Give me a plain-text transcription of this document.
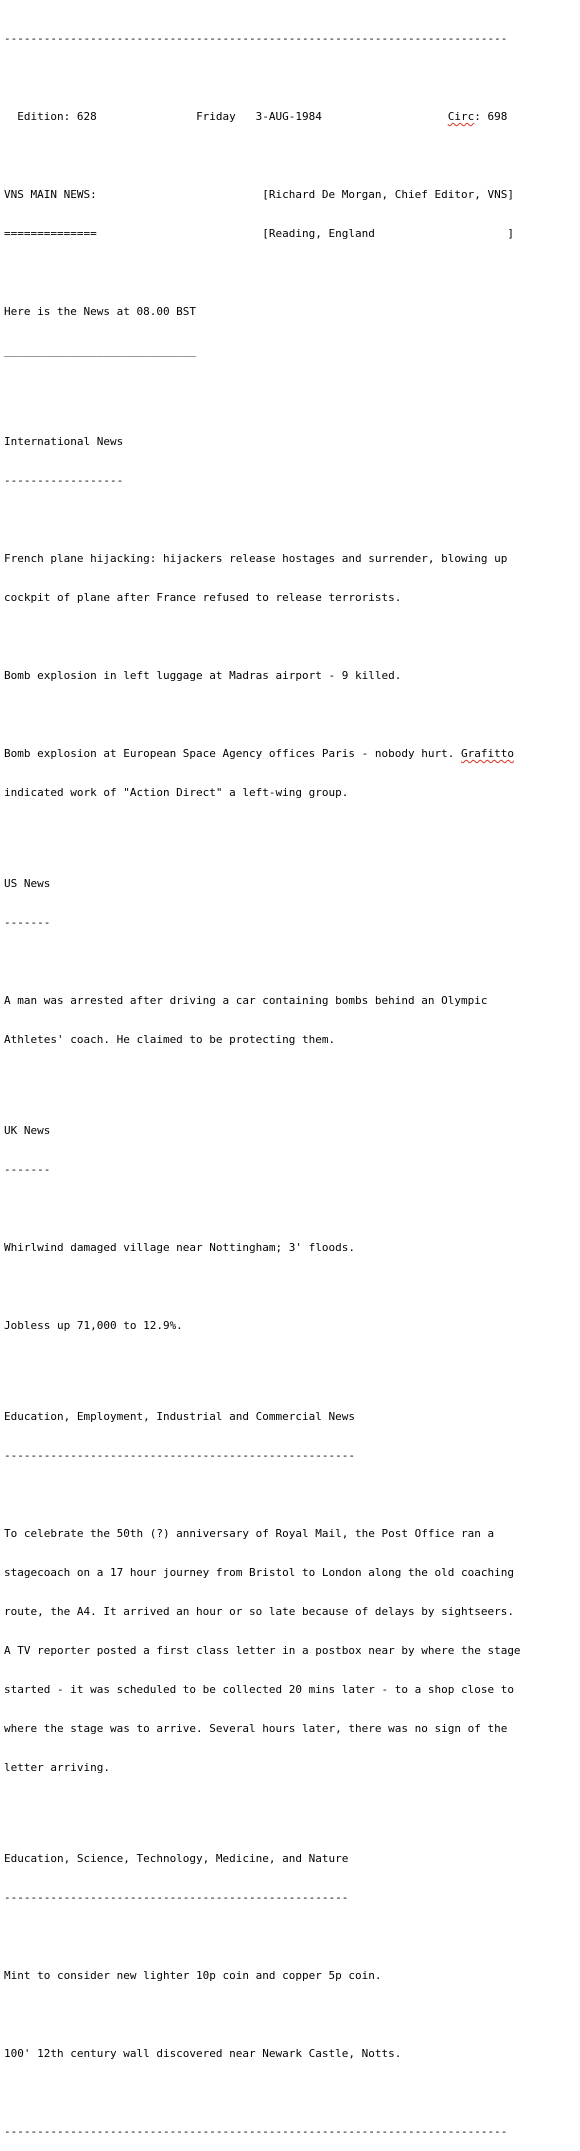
----------------------------------------------------------------------------

Edition: 628	Friday   3-AUG-1984	Circ: 698

VNS MAIN NEWS:	[Richard De Morgan, Chief Editor, VNS]

==============	[Reading, England                    ]

Here is the News at 08.00 BST

_____________________________

International News

------------------

French plane hijacking: hijackers release hostages and surrender, blowing up

cockpit of plane after France refused to release terrorists.

Bomb explosion in left luggage at Madras airport - 9 killed.

Bomb explosion at European Space Agency offices Paris - nobody hurt. Grafitto

indicated work of "Action Direct" a left-wing group.

US News

-------

A man was arrested after driving a car containing bombs behind an Olympic

Athletes' coach. He claimed to be protecting them.

UK News

-------

Whirlwind damaged village near Nottingham; 3' floods.

Jobless up 71,000 to 12.9%.

Education, Employment, Industrial and Commercial News

-----------------------------------------------------

To celebrate the 50th (?) anniversary of Royal Mail, the Post Office ran a

stagecoach on a 17 hour journey from Bristol to London along the old coaching

route, the A4. It arrived an hour or so late because of delays by sightseers.

A TV reporter posted a first class letter in a postbox near by where the stage

started - it was scheduled to be collected 20 mins later - to a shop close to

where the stage was to arrive. Several hours later, there was no sign of the

letter arriving.

Education, Science, Technology, Medicine, and Nature

----------------------------------------------------

Mint to consider new lighter 10p coin and copper 5p coin.

100' 12th century wall discovered near Newark Castle, Notts.

----------------------------------------------------------------------------
